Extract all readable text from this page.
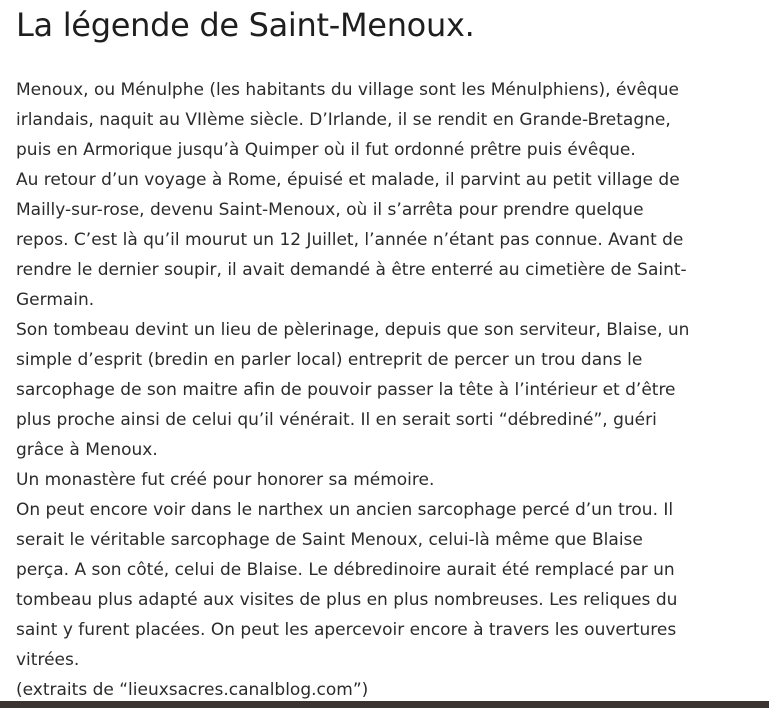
La légende de Saint-Menoux.

Menoux, ou Ménulphe (les habitants du village sont les Ménulphiens), évêque

irlandais, naquit au VIIème siècle. D’Irlande, il se rendit en Grande-Bretagne,

puis en Armorique jusqu’à Quimper où il fut ordonné prêtre puis évêque.

Au retour d’un voyage à Rome, épuisé et malade, il parvint au petit village de

Mailly-sur-rose, devenu Saint-Menoux, où il s’arrêta pour prendre quelque

repos. C’est là qu’il mourut un 12 Juillet, l’année n’étant pas connue. Avant de

rendre le dernier soupir, il avait demandé à être enterré au cimetière de Saint-

Germain.

Son tombeau devint un lieu de pèlerinage, depuis que son serviteur, Blaise, un

simple d’esprit (bredin en parler local) entreprit de percer un trou dans le

sarcophage de son maitre afin de pouvoir passer la tête à l’intérieur et d’être

plus proche ainsi de celui qu’il vénérait. Il en serait sorti “débrediné”, guéri

grâce à Menoux.

Un monastère fut créé pour honorer sa mémoire.

On peut encore voir dans le narthex un ancien sarcophage percé d’un trou. Il

serait le véritable sarcophage de Saint Menoux, celui-là même que Blaise

perça. A son côté, celui de Blaise. Le débredinoire aurait été remplacé par un

tombeau plus adapté aux visites de plus en plus nombreuses. Les reliques du

saint y furent placées. On peut les apercevoir encore à travers les ouvertures

vitrées.

(extraits de “lieuxsacres.canalblog.com”)
